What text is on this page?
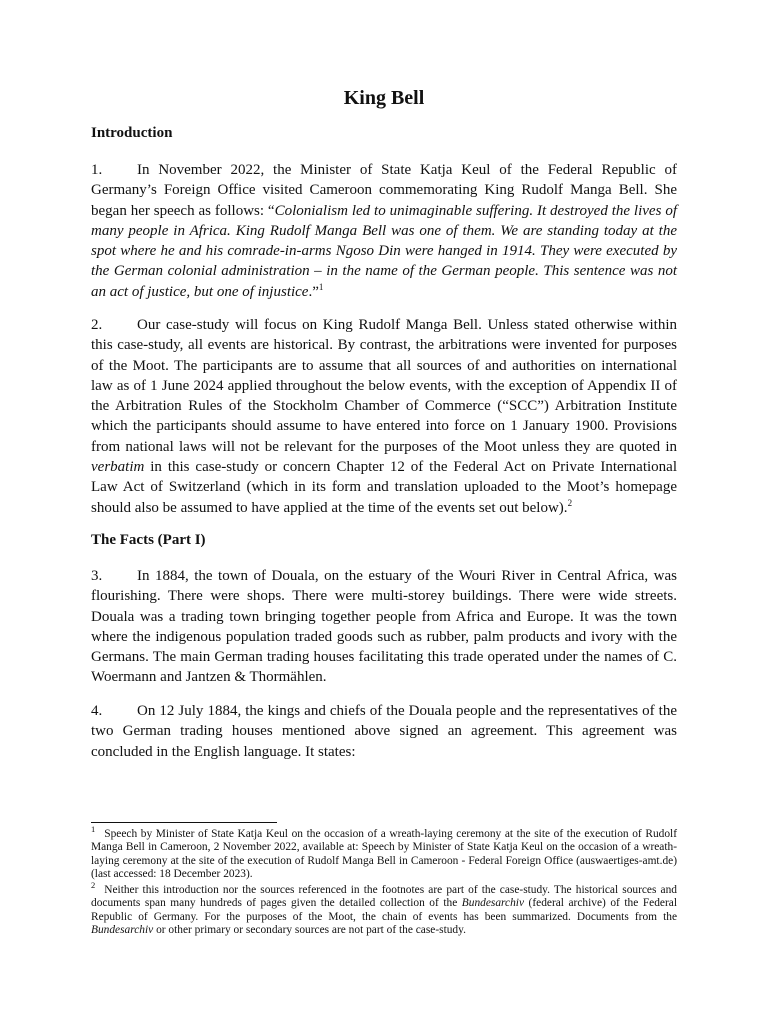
King Bell
Introduction
1. In November 2022, the Minister of State Katja Keul of the Federal Republic of Germany’s Foreign Office visited Cameroon commemorating King Rudolf Manga Bell. She began her speech as follows: “Colonialism led to unimaginable suffering. It destroyed the lives of many people in Africa. King Rudolf Manga Bell was one of them. We are standing today at the spot where he and his comrade-in-arms Ngoso Din were hanged in 1914. They were executed by the German colonial administration – in the name of the German people. This sentence was not an act of justice, but one of injustice.”$^1$
2. Our case-study will focus on King Rudolf Manga Bell. Unless stated otherwise within this case-study, all events are historical. By contrast, the arbitrations were invented for purposes of the Moot. The participants are to assume that all sources of and authorities on international law as of 1 June 2024 applied throughout the below events, with the exception of Appendix II of the Arbitration Rules of the Stockholm Chamber of Commerce (“SCC”) Arbitration Institute which the participants should assume to have entered into force on 1 January 1900. Provisions from national laws will not be relevant for the purposes of the Moot unless they are quoted in verbatim in this case-study or concern Chapter 12 of the Federal Act on Private International Law Act of Switzerland (which in its form and translation uploaded to the Moot’s homepage should also be assumed to have applied at the time of the events set out below).$^2$
The Facts (Part I)
3. In 1884, the town of Douala, on the estuary of the Wouri River in Central Africa, was flourishing. There were shops. There were multi-storey buildings. There were wide streets. Douala was a trading town bringing together people from Africa and Europe. It was the town where the indigenous population traded goods such as rubber, palm products and ivory with the Germans. The main German trading houses facilitating this trade operated under the names of C. Woermann and Jantzen & Thormählen.
4. On 12 July 1884, the kings and chiefs of the Douala people and the representatives of the two German trading houses mentioned above signed an agreement. This agreement was concluded in the English language. It states:
$^1$ Speech by Minister of State Katja Keul on the occasion of a wreath-laying ceremony at the site of the execution of Rudolf Manga Bell in Cameroon, 2 November 2022, available at: Speech by Minister of State Katja Keul on the occasion of a wreath-laying ceremony at the site of the execution of Rudolf Manga Bell in Cameroon - Federal Foreign Office (auswaertiges-amt.de) (last accessed: 18 December 2023).
$^2$ Neither this introduction nor the sources referenced in the footnotes are part of the case-study. The historical sources and documents span many hundreds of pages given the detailed collection of the Bundesarchiv (federal archive) of the Federal Republic of Germany. For the purposes of the Moot, the chain of events has been summarized. Documents from the Bundesarchiv or other primary or secondary sources are not part of the case-study.
